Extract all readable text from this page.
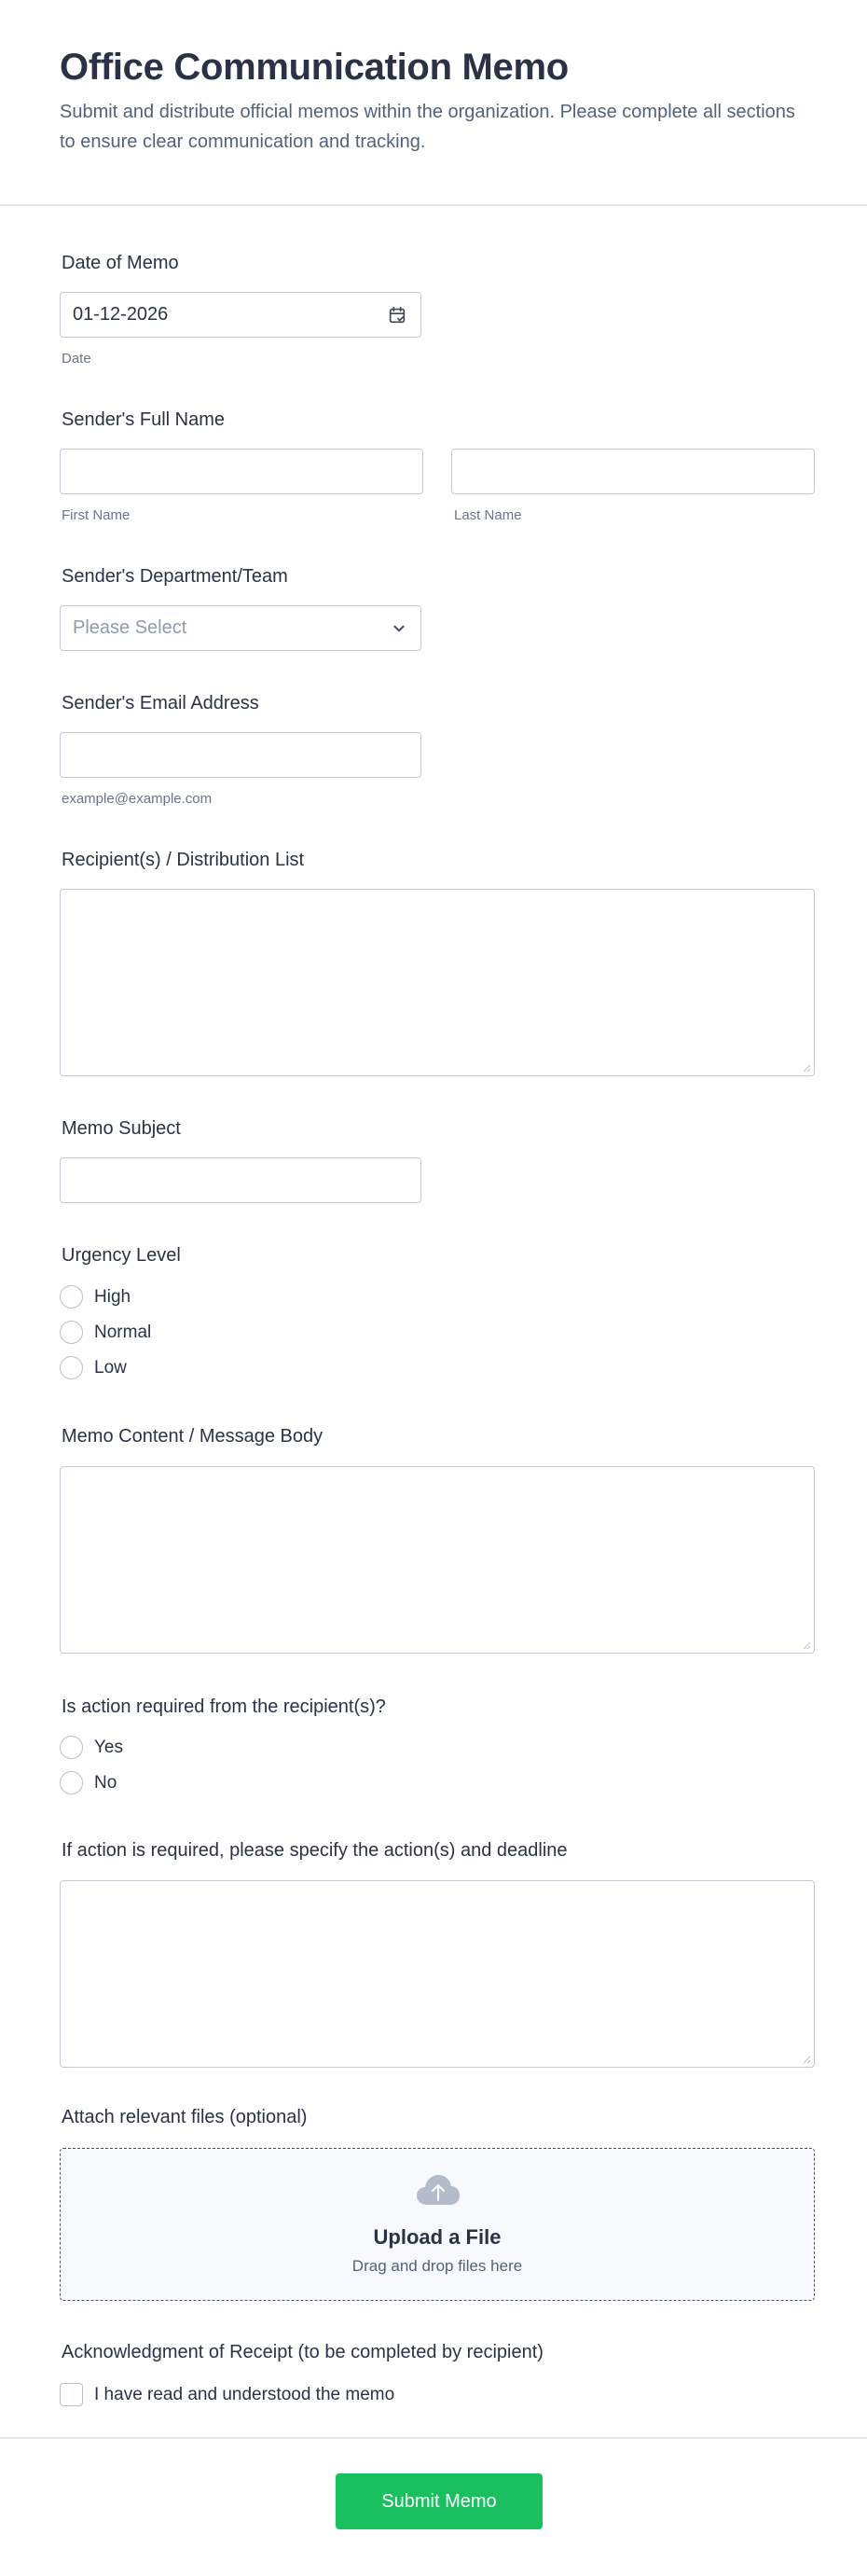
Office Communication Memo
Submit and distribute official memos within the organization. Please complete all sections to ensure clear communication and tracking.
Date of Memo
01-12-2026
Date
Sender's Full Name
First Name	Last Name
Sender's Department/Team
Please Select
Sender's Email Address
example@example.com
Recipient(s) / Distribution List
Memo Subject
Urgency Level
High
Normal
Low
Memo Content / Message Body
Is action required from the recipient(s)?
Yes
No
If action is required, please specify the action(s) and deadline
Attach relevant files (optional)
Upload a File
Drag and drop files here
Acknowledgment of Receipt (to be completed by recipient)
I have read and understood the memo
Submit Memo
